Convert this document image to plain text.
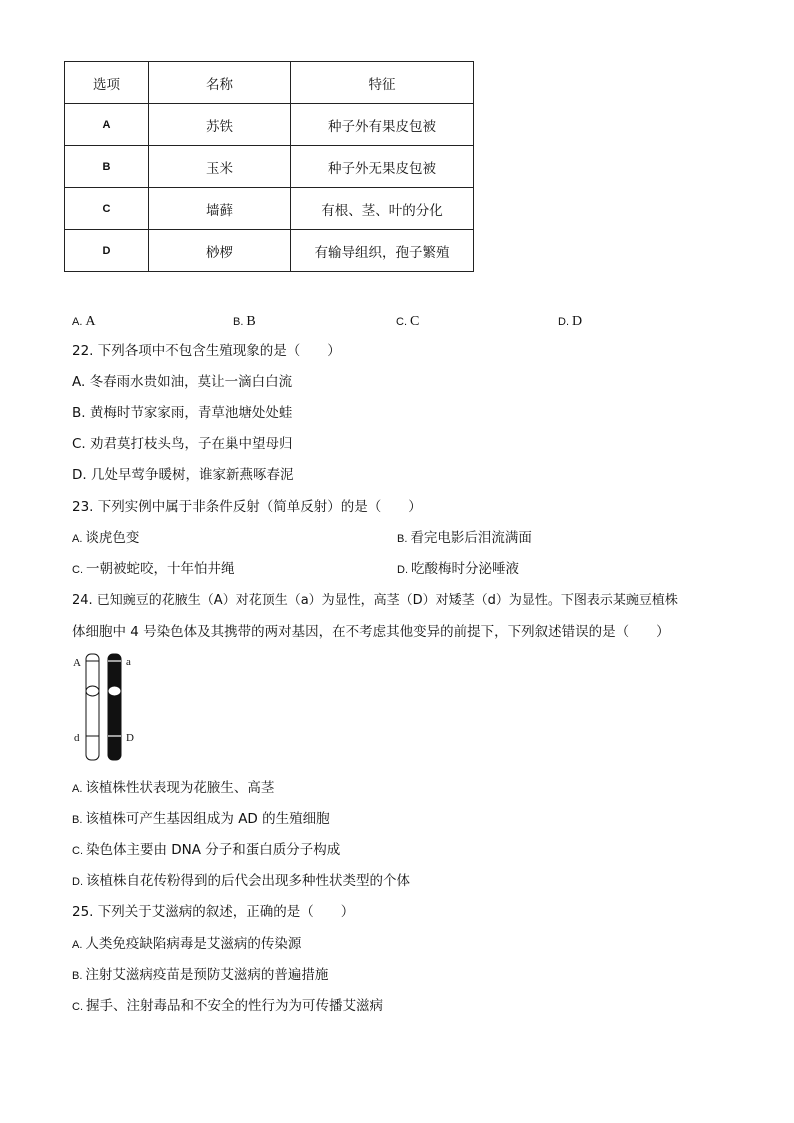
选项	名称	特征
A	苏铁	种子外有果皮包被
B	玉米	种子外无果皮包被
C	墙藓	有根、茎、叶的分化
D	桫椤	有输导组织，孢子繁殖
A. A	B. B	C. C	D. D
22. 下列各项中不包含生殖现象的是（　　）
A. 冬春雨水贵如油，莫让一滴白白流
B. 黄梅时节家家雨，青草池塘处处蛙
C. 劝君莫打枝头鸟，子在巢中望母归
D. 几处早莺争暖树，谁家新燕啄春泥
23. 下列实例中属于非条件反射（简单反射）的是（　　）
A. 谈虎色变	B. 看完电影后泪流满面
C. 一朝被蛇咬，十年怕井绳	D. 吃酸梅时分泌唾液
24. 已知豌豆的花腋生（A）对花顶生（a）为显性，高茎（D）对矮茎（d）为显性。下图表示某豌豆植株
体细胞中 4 号染色体及其携带的两对基因，在不考虑其他变异的前提下，下列叙述错误的是（　　）
A
d
a
D
A. 该植株性状表现为花腋生、高茎
B. 该植株可产生基因组成为 AD 的生殖细胞
C. 染色体主要由 DNA 分子和蛋白质分子构成
D. 该植株自花传粉得到的后代会出现多种性状类型的个体
25. 下列关于艾滋病的叙述，正确的是（　　）
A. 人类免疫缺陷病毒是艾滋病的传染源
B. 注射艾滋病疫苗是预防艾滋病的普遍措施
C. 握手、注射毒品和不安全的性行为为可传播艾滋病
